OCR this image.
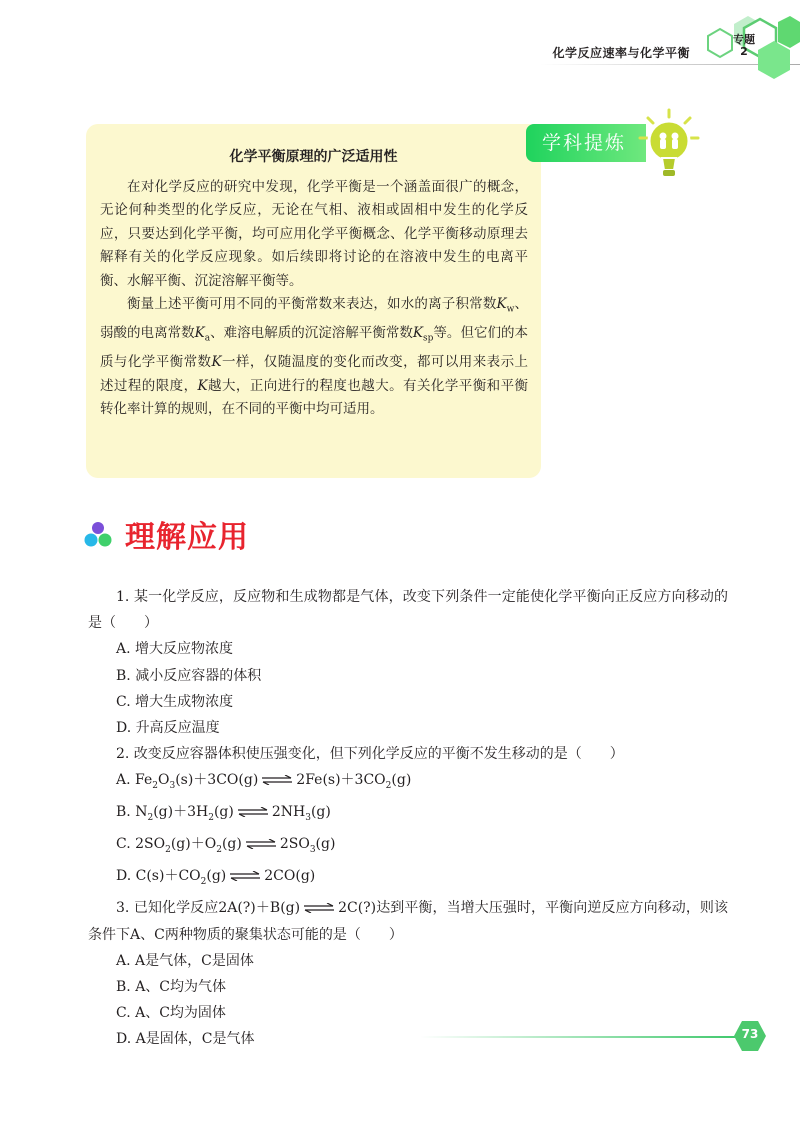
化学反应速率与化学平衡
专题
2
学科提炼
化学平衡原理的广泛适用性

在对化学反应的研究中发现，化学平衡是一个涵盖面很广的概念，无论何种类型的化学反应，无论在气相、液相或固相中发生的化学反应，只要达到化学平衡，均可应用化学平衡概念、化学平衡移动原理去解释有关的化学反应现象。如后续即将讨论的在溶液中发生的电离平衡、水解平衡、沉淀溶解平衡等。

衡量上述平衡可用不同的平衡常数来表达，如水的离子积常数$K_w$、弱酸的电离常数$K_a$、难溶电解质的沉淀溶解平衡常数$K_{sp}$等。但它们的本质与化学平衡常数K一样，仅随温度的变化而改变，都可以用来表示上述过程的限度，K越大，正向进行的程度也越大。有关化学平衡和平衡转化率计算的规则，在不同的平衡中均可适用。

理解应用
1. 某一化学反应，反应物和生成物都是气体，改变下列条件一定能使化学平衡向正反应方向移动的是（　　）
A. 增大反应物浓度
B. 减小反应容器的体积
C. 增大生成物浓度
D. 升高反应温度
2. 改变反应容器体积使压强变化，但下列化学反应的平衡不发生移动的是（　　）
A. $Fe_2O_3(s)+3CO(g)$ ⇌ $2Fe(s)+3CO_2(g)$
B. $N_2(g)+3H_2(g)$ ⇌ $2NH_3(g)$
C. $2SO_2(g)+O_2(g)$ ⇌ $2SO_3(g)$
D. $C(s)+CO_2(g)$ ⇌ 2CO(g)
3. 已知化学反应2A(?)＋B(g) ⇌ 2C(?)达到平衡，当增大压强时，平衡向逆反应方向移动，则该条件下A、C两种物质的聚集状态可能的是（　　）
A. A是气体，C是固体
B. A、C均为气体
C. A、C均为固体
D. A是固体，C是气体	73
